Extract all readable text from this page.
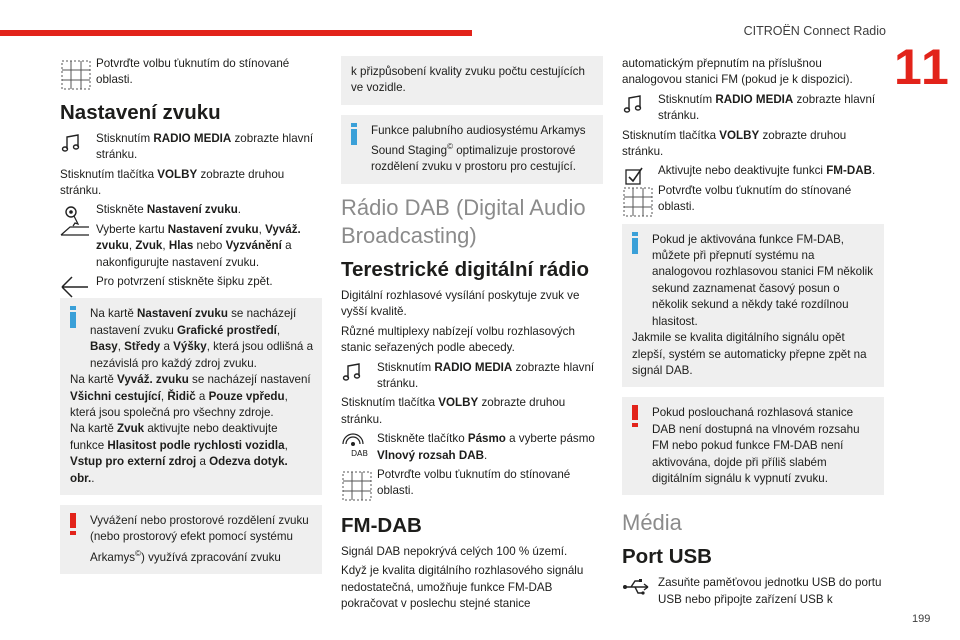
CITROËN Connect Radio
11
199
Potvrďte volbu ťuknutím do stínované oblasti.
Nastavení zvuku
Stisknutím RADIO MEDIA zobrazte hlavní stránku.
Stisknutím tlačítka VOLBY zobrazte druhou stránku.
Stiskněte Nastavení zvuku.
Vyberte kartu Nastavení zvuku, Vyváž. zvuku, Zvuk, Hlas nebo Vyzvánění a nakonfigurujte nastavení zvuku.
Pro potvrzení stiskněte šipku zpět.
Na kartě Nastavení zvuku se nacházejí nastavení zvuku Grafické prostředí, Basy, Středy a Výšky, která jsou odlišná a nezávislá pro každý zdroj zvuku.
Na kartě Vyváž. zvuku se nacházejí nastavení Všichni cestující, Řidič a Pouze vpředu, která jsou společná pro všechny zdroje.
Na kartě Zvuk aktivujte nebo deaktivujte funkce Hlasitost podle rychlosti vozidla, Vstup pro externí zdroj a Odezva dotyk. obr..
Vyvážení nebo prostorové rozdělení zvuku (nebo prostorový efekt pomocí systému Arkamys©) využívá zpracování zvuku
k přizpůsobení kvality zvuku počtu cestujících ve vozidle.
Funkce palubního audiosystému Arkamys Sound Staging© optimalizuje prostorové rozdělení zvuku v prostoru pro cestující.
Rádio DAB (Digital Audio Broadcasting)
Terestrické digitální rádio
Digitální rozhlasové vysílání poskytuje zvuk ve vyšší kvalitě.
Různé multiplexy nabízejí volbu rozhlasových stanic seřazených podle abecedy.
Stisknutím RADIO MEDIA zobrazte hlavní stránku.
Stisknutím tlačítka VOLBY zobrazte druhou stránku.
DAB
Stiskněte tlačítko Pásmo a vyberte pásmo Vlnový rozsah DAB.
Potvrďte volbu ťuknutím do stínované oblasti.
FM-DAB
Signál DAB nepokrývá celých 100 % území.
Když je kvalita digitálního rozhlasového signálu nedostatečná, umožňuje funkce FM-DAB pokračovat v poslechu stejné stanice
automatickým přepnutím na příslušnou analogovou stanici FM (pokud je k dispozici).
Stisknutím RADIO MEDIA zobrazte hlavní stránku.
Stisknutím tlačítka VOLBY zobrazte druhou stránku.
Aktivujte nebo deaktivujte funkci FM-DAB.
Potvrďte volbu ťuknutím do stínované oblasti.
Pokud je aktivována funkce FM-DAB, můžete při přepnutí systému na analogovou rozhlasovou stanici FM několik sekund zaznamenat časový posun o několik sekund a někdy také rozdílnou hlasitost.
Jakmile se kvalita digitálního signálu opět zlepší, systém se automaticky přepne zpět na signál DAB.
Pokud poslouchaná rozhlasová stanice DAB není dostupná na vlnovém rozsahu FM nebo pokud funkce FM-DAB není aktivována, dojde při příliš slabém digitálním signálu k vypnutí zvuku.
Média
Port USB
Zasuňte paměťovou jednotku USB do portu USB nebo připojte zařízení USB k
